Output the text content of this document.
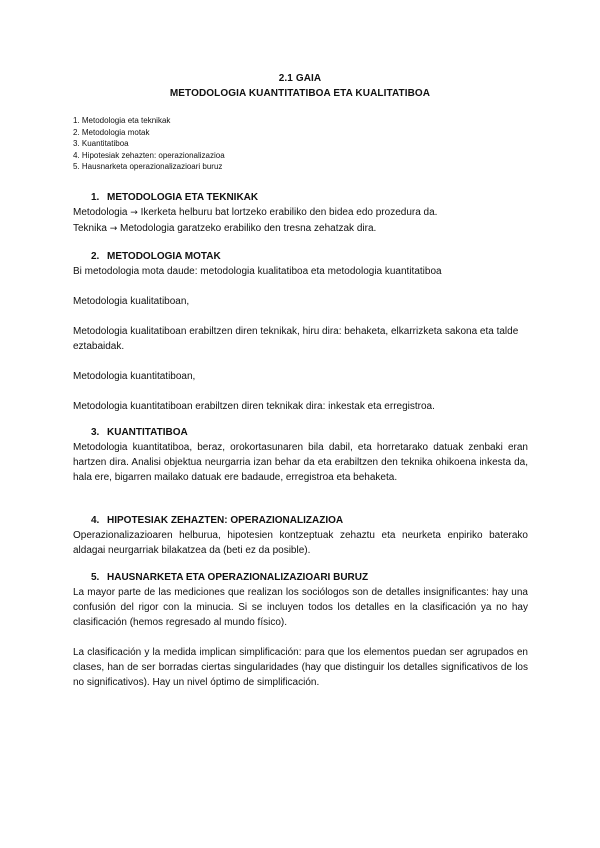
2.1 GAIA
METODOLOGIA KUANTITATIBOA ETA KUALITATIBOA
1. Metodologia eta teknikak
2. Metodologia motak
3. Kuantitatiboa
4. Hipotesiak zehazten: operazionalizazioa
5. Hausnarketa operazionalizazioari buruz
1. METODOLOGIA ETA TEKNIKAK

Metodologia → Ikerketa helburu bat lortzeko erabiliko den bidea edo prozedura da.

Teknika → Metodologia garatzeko erabiliko den tresna zehatzak dira.

2. METODOLOGIA MOTAK

Bi metodologia mota daude: metodologia kualitatiboa eta metodologia kuantitatiboa

Metodologia kualitatiboan,

Metodologia kualitatiboan erabiltzen diren teknikak, hiru dira: behaketa, elkarrizketa sakona eta talde eztabaidak.

Metodologia kuantitatiboan,

Metodologia kuantitatiboan erabiltzen diren teknikak dira: inkestak eta erregistroa.

3. KUANTITATIBOA

Metodologia kuantitatiboa, beraz, orokortasunaren bila dabil, eta horretarako datuak zenbaki eran hartzen dira. Analisi objektua neurgarria izan behar da eta erabiltzen den teknika ohikoena inkesta da, hala ere, bigarren mailako datuak ere badaude, erregistroa eta behaketa.

4. HIPOTESIAK ZEHAZTEN: OPERAZIONALIZAZIOA

Operazionalizazioaren helburua, hipotesien kontzeptuak zehaztu eta neurketa enpiriko baterako aldagai neurgarriak bilakatzea da (beti ez da posible).

5. HAUSNARKETA ETA OPERAZIONALIZAZIOARI BURUZ

La mayor parte de las mediciones que realizan los sociólogos son de detalles insignificantes: hay una confusión del rigor con la minucia. Si se incluyen todos los detalles en la clasificación ya no hay clasificación (hemos regresado al mundo físico).

La clasificación y la medida implican simplificación: para que los elementos puedan ser agrupados en clases, han de ser borradas ciertas singularidades (hay que distinguir los detalles significativos de los no significativos). Hay un nivel óptimo de simplificación.
